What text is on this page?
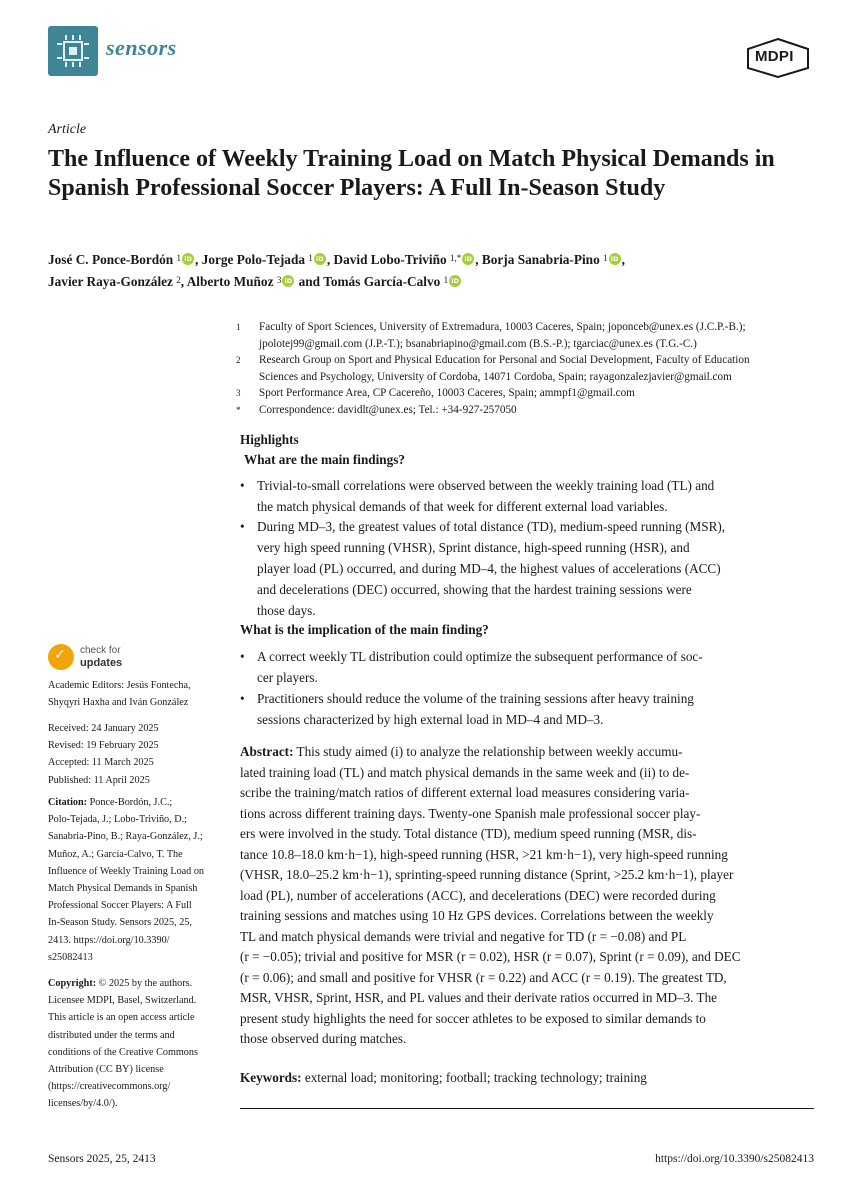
sensors	MDPI
Article
The Influence of Weekly Training Load on Match Physical Demands in Spanish Professional Soccer Players: A Full In-Season Study
José C. Ponce-Bordón $^1$ iD , Jorge Polo-Tejada $^1$ iD , David Lobo-Triviño $^{1,*}$ iD , Borja Sanabria-Pino $^1$ iD ,
Javier Raya-González $^2$, Alberto Muñoz $^3$ iD and Tomás García-Calvo $^1$iD
1 Faculty of Sport Sciences, University of Extremadura, 10003 Caceres, Spain; joponceb@unex.es (J.C.P.-B.);
jpolotej99@gmail.com (J.P.-T.); bsanabriapino@gmail.com (B.S.-P.); tgarciac@unex.es (T.G.-C.)
2 Research Group on Sport and Physical Education for Personal and Social Development, Faculty of Education
Sciences and Psychology, University of Cordoba, 14071 Cordoba, Spain; rayagonzalezjavier@gmail.com
3 Sport Performance Area, CP Cacereño, 10003 Caceres, Spain; ammpf1@gmail.com
* Correspondence: davidlt@unex.es; Tel.: +34-927-257050
Highlights
What are the main findings?
• Trivial-to-small correlations were observed between the weekly training load (TL) and
the match physical demands of that week for different external load variables.
• During MD–3, the greatest values of total distance (TD), medium-speed running (MSR),
very high speed running (VHSR), Sprint distance, high-speed running (HSR), and
player load (PL) occurred, and during MD–4, the highest values of accelerations (ACC)
and decelerations (DEC) occurred, showing that the hardest training sessions were
those days.
What is the implication of the main finding?
• A correct weekly TL distribution could optimize the subsequent performance of soc-
cer players.
• Practitioners should reduce the volume of the training sessions after heavy training
sessions characterized by high external load in MD–4 and MD–3.
Abstract: This study aimed (i) to analyze the relationship between weekly accumu-
lated training load (TL) and match physical demands in the same week and (ii) to de-
scribe the training/match ratios of different external load measures considering varia-
tions across different training days. Twenty-one Spanish male professional soccer play-
ers were involved in the study. Total distance (TD), medium speed running (MSR, dis-
tance 10.8–18.0 km·h−1), high-speed running (HSR, >21 km·h−1), very high-speed running
(VHSR, 18.0–25.2 km·h−1), sprinting-speed running distance (Sprint, >25.2 km·h−1), player
load (PL), number of accelerations (ACC), and decelerations (DEC) were recorded during
training sessions and matches using 10 Hz GPS devices. Correlations between the weekly
TL and match physical demands were trivial and negative for TD (r = −0.08) and PL
(r = −0.05); trivial and positive for MSR (r = 0.02), HSR (r = 0.07), Sprint (r = 0.09), and DEC
(r = 0.06); and small and positive for VHSR (r = 0.22) and ACC (r = 0.19). The greatest TD,
MSR, VHSR, Sprint, HSR, and PL values and their derivate ratios occurred in MD–3. The
present study highlights the need for soccer athletes to be exposed to similar demands to
those observed during matches.
Keywords: external load; monitoring; football; tracking technology; training
✓
check for
updates
Academic Editors: Jesús Fontecha,
Shyqyri Haxha and Iván González
Received: 24 January 2025
Revised: 19 February 2025
Accepted: 11 March 2025
Published: 11 April 2025
Citation: Ponce-Bordón, J.C.;
Polo-Tejada, J.; Lobo-Triviño, D.;
Sanabria-Pino, B.; Raya-González, J.;
Muñoz, A.; García-Calvo, T. The
Influence of Weekly Training Load on
Match Physical Demands in Spanish
Professional Soccer Players: A Full
In-Season Study. Sensors 2025, 25,
2413. https://doi.org/10.3390/
s25082413
Copyright: © 2025 by the authors.
Licensee MDPI, Basel, Switzerland.
This article is an open access article
distributed under the terms and
conditions of the Creative Commons
Attribution (CC BY) license
(https://creativecommons.org/
licenses/by/4.0/).
Sensors 2025, 25, 2413	https://doi.org/10.3390/s25082413
